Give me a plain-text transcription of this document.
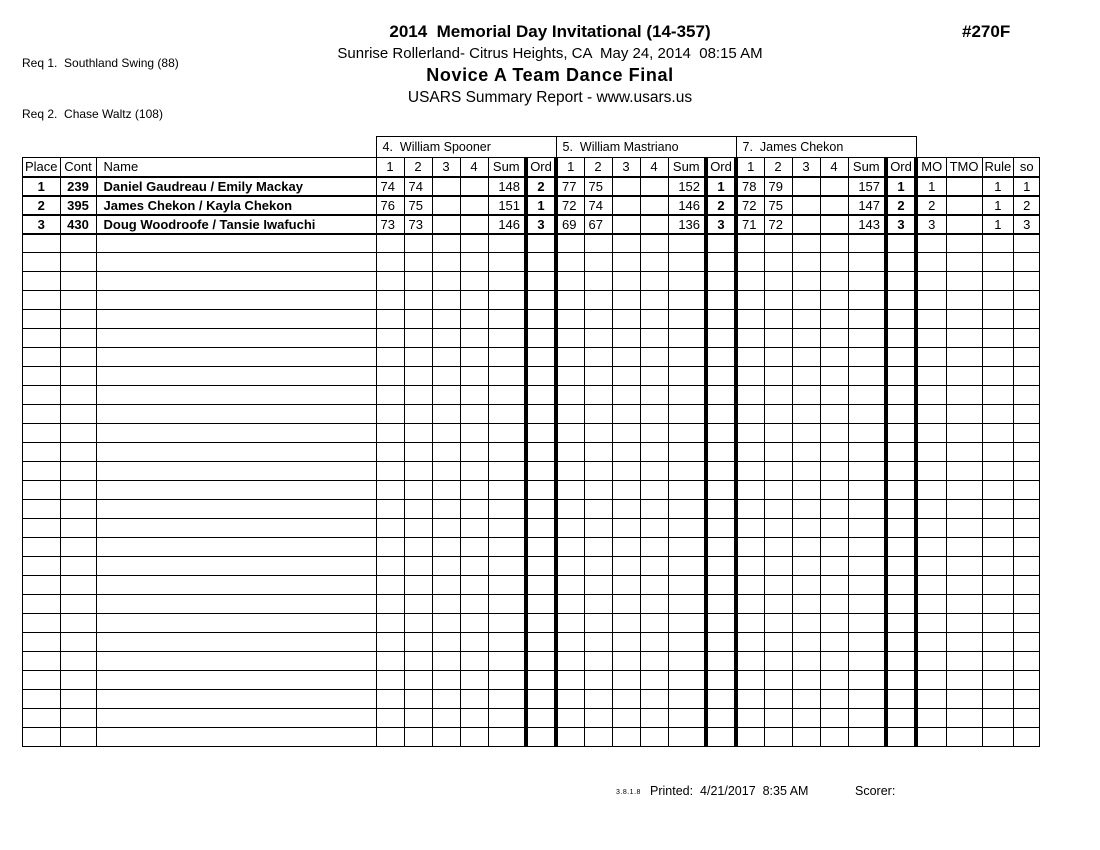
Req 1.  Southland Swing (88)

Req 2.  Chase Waltz (108)

2014  Memorial Day Invitational (14-357)
Sunrise Rollerland- Citrus Heights, CA  May 24, 2014  08:15 AM
Novice A Team Dance Final
USARS Summary Report - www.usars.us
#270F
			4.  William Spooner						5.  William Mastriano						7.  James Chekon									
Place	Cont	Name	1	2	3	4	Sum	Ord	1	2	3	4	Sum	Ord	1	2	3	4	Sum	Ord	MO	TMO	Rule	so
1	239	Daniel Gaudreau / Emily Mackay	74	74			148	2	77	75			152	1	78	79			157	1	1		1	1
2	395	James Chekon / Kayla Chekon	76	75			151	1	72	74			146	2	72	75			147	2	2		1	2
3	430	Doug Woodroofe / Tansie Iwafuchi	73	73			146	3	69	67			136	3	71	72			143	3	3		1	3

3.8.1.8 Printed: 4/21/2017  8:35 AM	Scorer:
